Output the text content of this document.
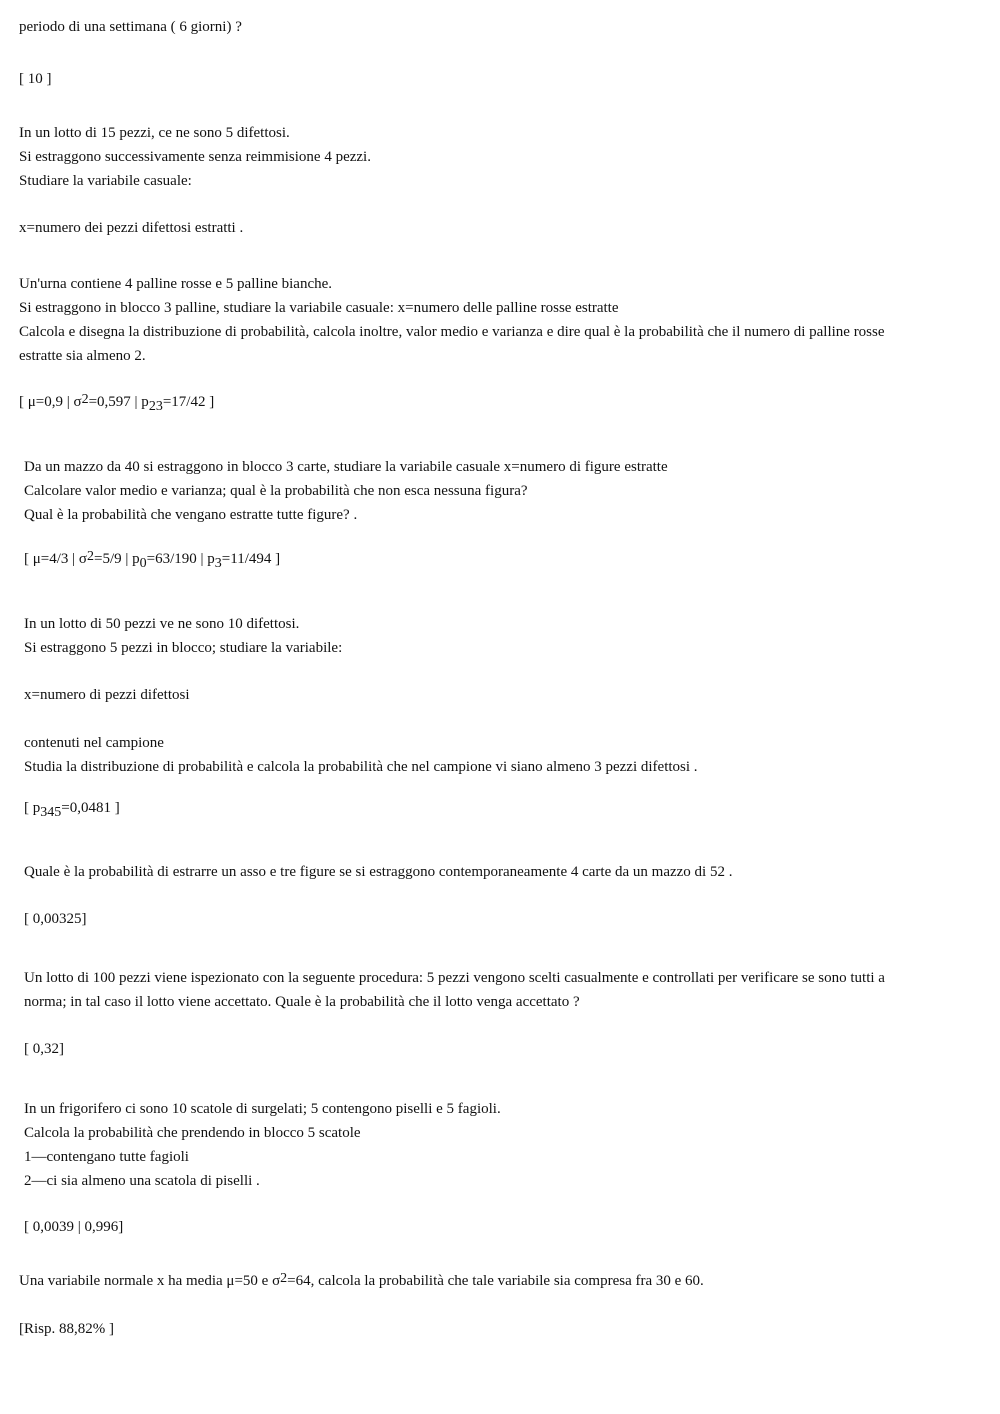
periodo di una settimana ( 6 giorni) ?
[ 10 ]
In un lotto di 15 pezzi, ce ne sono 5 difettosi.
Si estraggono successivamente senza reimmisione 4 pezzi.
Studiare la variabile casuale:
x=numero dei pezzi difettosi estratti .
Un'urna contiene 4 palline rosse e 5 palline bianche.
Si estraggono in blocco 3 palline, studiare la variabile casuale: x=numero delle palline rosse estratte
Calcola e disegna la distribuzione di probabilità, calcola inoltre, valor medio e varianza e dire qual è la probabilità che il numero di palline rosse
estratte sia almeno 2.
[ μ=0,9 | $\sigma^2=0,597$ | $p_{23}=17/42$ ]
Da un mazzo da 40 si estraggono in blocco 3 carte, studiare la variabile casuale x=numero di figure estratte
Calcolare valor medio e varianza; qual è la probabilità che non esca nessuna figura?
Qual è la probabilità che vengano estratte tutte figure? .
[ μ=4/3 | $\sigma^2=5/9$ | $p_0=63/190$ | $p_3=11/494$ ]
In un lotto di 50 pezzi ve ne sono 10 difettosi.
Si estraggono 5 pezzi in blocco; studiare la variabile:
x=numero di pezzi difettosi
contenuti nel campione
Studia la distribuzione di probabilità e calcola la probabilità che nel campione vi siano almeno 3 pezzi difettosi .
[ $p_{345}=0,0481$ ]
Quale è la probabilità di estrarre un asso e tre figure se si estraggono contemporaneamente 4 carte da un mazzo di 52 .
[ 0,00325]
Un lotto di 100 pezzi viene ispezionato con la seguente procedura: 5 pezzi vengono scelti casualmente e controllati per verificare se sono tutti a
norma; in tal caso il lotto viene accettato. Quale è la probabilità che il lotto venga accettato ?
[ 0,32]
In un frigorifero ci sono 10 scatole di surgelati; 5 contengono piselli e 5 fagioli.
Calcola la probabilità che prendendo in blocco 5 scatole
1—contengano tutte fagioli
2—ci sia almeno una scatola di piselli .
[ 0,0039 | 0,996]
Una variabile normale x ha media μ=50 e $\sigma^2=64$, calcola la probabilità che tale variabile sia compresa fra 30 e 60.
[Risp. 88,82% ]
